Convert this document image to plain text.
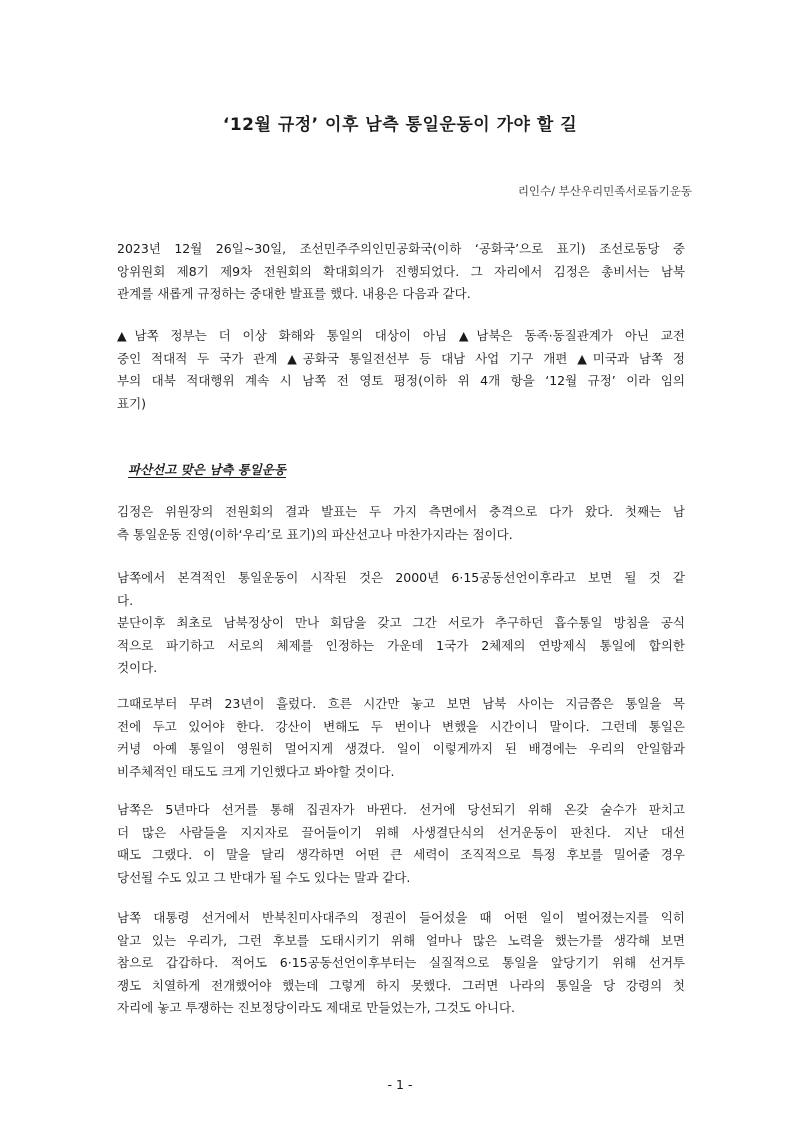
‘12월 규정’ 이후 남측 통일운동이 가야 할 길
리인수/ 부산우리민족서로돕기운동
2023년 12월 26일~30일, 조선민주주의인민공화국(이하 ‘공화국’으로 표기) 조선로동당 중
앙위원회 제8기 제9차 전원회의 확대회의가 진행되었다. 그 자리에서 김정은 총비서는 남북
관계를 새롭게 규정하는 중대한 발표를 했다. 내용은 다음과 같다.
▲남쪽 정부는 더 이상 화해와 통일의 대상이 아님 ▲남북은 동족·동질관계가 아닌 교전
중인 적대적 두 국가 관계 ▲공화국 통일전선부 등 대남 사업 기구 개편 ▲미국과 남쪽 정
부의 대북 적대행위 계속 시 남쪽 전 영토 평정(이하 위 4개 항을 ‘12월 규정’ 이라 임의
표기)
파산선고 맞은 남측 통일운동
김정은 위원장의 전원회의 결과 발표는 두 가지 측면에서 충격으로 다가 왔다. 첫째는 남
측 통일운동 진영(이하‘우리’로 표기)의 파산선고나 마찬가지라는 점이다.
남쪽에서 본격적인 통일운동이 시작된 것은 2000년 6·15공동선언이후라고 보면 될 것 같
다.
분단이후 최초로 남북정상이 만나 회담을 갖고 그간 서로가 추구하던 흡수통일 방침을 공식
적으로 파기하고 서로의 체제를 인정하는 가운데 1국가 2체제의 연방제식 통일에 합의한
것이다.
그때로부터 무려 23년이 흘렀다. 흐른 시간만 놓고 보면 남북 사이는 지금쯤은 통일을 목
전에 두고 있어야 한다. 강산이 변해도 두 번이나 변했을 시간이니 말이다. 그런데 통일은
커녕 아예 통일이 영원히 멀어지게 생겼다. 일이 이렇게까지 된 배경에는 우리의 안일함과
비주체적인 태도도 크게 기인했다고 봐야할 것이다.
남쪽은 5년마다 선거를 통해 집권자가 바뀐다. 선거에 당선되기 위해 온갖 술수가 판치고
더 많은 사람들을 지지자로 끌어들이기 위해 사생결단식의 선거운동이 판친다. 지난 대선
때도 그랬다. 이 말을 달리 생각하면 어떤 큰 세력이 조직적으로 특정 후보를 밀어줄 경우
당선될 수도 있고 그 반대가 될 수도 있다는 말과 같다.
남쪽 대통령 선거에서 반북친미사대주의 정권이 들어섰을 때 어떤 일이 벌어졌는지를 익히
알고 있는 우리가, 그런 후보를 도태시키기 위해 얼마나 많은 노력을 했는가를 생각해 보면
참으로 갑갑하다. 적어도 6·15공동선언이후부터는 실질적으로 통일을 앞당기기 위해 선거투
쟁도 치열하게 전개했어야 했는데 그렇게 하지 못했다. 그러면 나라의 통일을 당 강령의 첫
자리에 놓고 투쟁하는 진보정당이라도 제대로 만들었는가, 그것도 아니다.
- 1 -
